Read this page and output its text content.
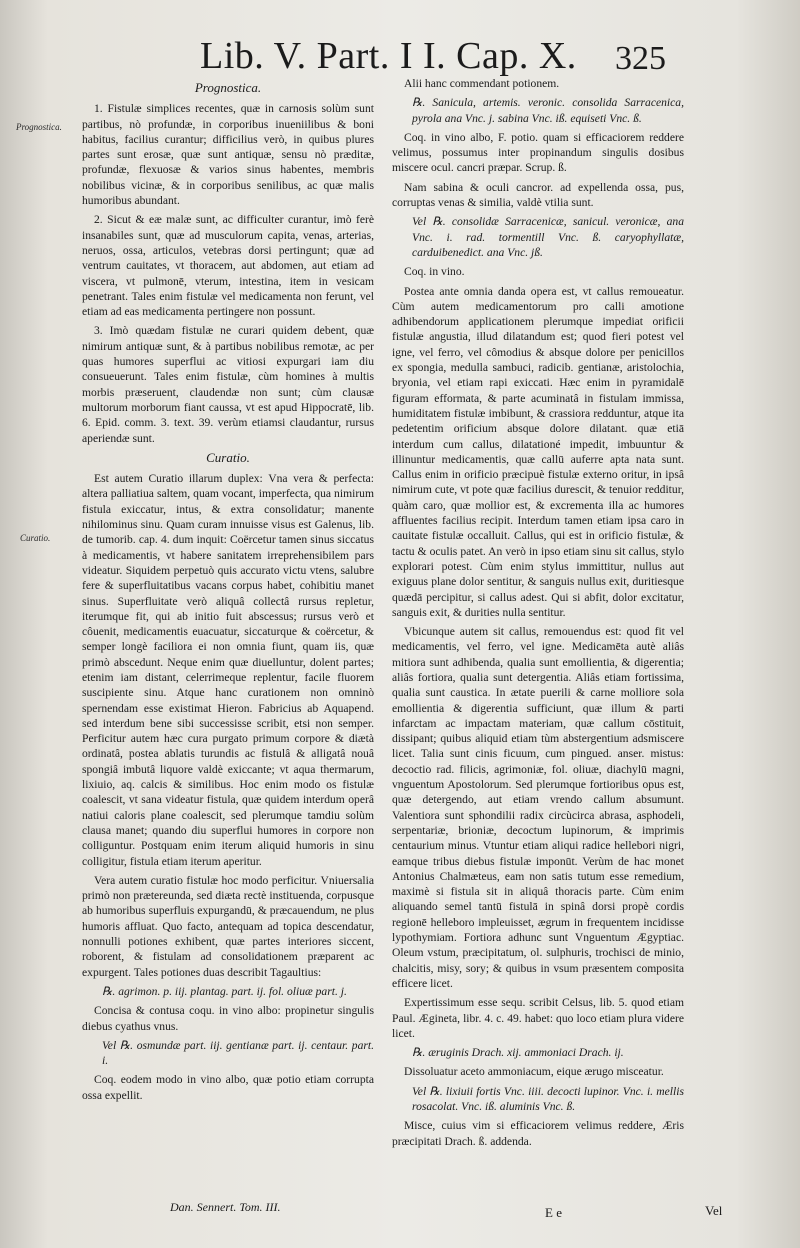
Lib. V. Part. I I. Cap. X.	325
Prognostica.
Curatio.
Prognostica.

1. Fistulæ simplices recentes, quæ in carnosis solùm sunt partibus, nò profundæ, in corporibus inueniilibus & boni habitus, facilius curantur; difficilius verò, in quibus plures partes sunt erosæ, quæ sunt antiquæ, sensu nò præditæ, profundæ, flexuosæ & varios sinus habentes, membris nobilibus vicinæ, & in corporibus senilibus, ac quæ malis humoribus abundant.

2. Sicut & eæ malæ sunt, ac difficulter curantur, imò ferè insanabiles sunt, quæ ad musculorum capita, venas, arterias, neruos, ossa, articulos, vetebras dorsi pertingunt; quæ ad ventrum cauitates, vt thoracem, aut abdomen, aut etiam ad viscera, vt pulmonē, vterum, intestina, item in vesicam penetrant. Tales enim fistulæ vel medicamenta non ferunt, vel etiam ad eas medicamenta pertingere non possunt.

3. Imò quædam fistulæ ne curari quidem debent, quæ nimirum antiquæ sunt, & à partibus nobilibus remotæ, ac per quas humores superflui ac vitiosi expurgari iam diu consueuerunt. Tales enim fistulæ, cùm homines à multis morbis præseruent, claudendæ non sunt; cùm clausæ multorum morborum fiant caussa, vt est apud Hippocratē, lib. 6. Epid. comm. 3. text. 39. verùm etiamsi claudantur, rursus aperiendæ sunt.

Curatio.

Est autem Curatio illarum duplex: Vna vera & perfecta: altera palliatiua saltem, quam vocant, imperfecta, qua nimirum fistula exiccatur, intus, & extra consolidatur; manente nihilominus sinu. Quam curam innuisse visus est Galenus, lib. de tumorib. cap. 4. dum inquit: Coërcetur tamen sinus siccatus à medicamentis, vt habere sanitatem irreprehensibilem pars videatur. Siquidem perpetuò quis accurato victu vtens, salubre fere & superfluitatibus vacans corpus habet, cohibitiu manet sinus. Superfluitate verò aliquâ collectâ rursus repletur, iterumque fit, qui ab initio fuit abscessus; rursus verò et côuenit, medicamentis euacuatur, siccaturque & coërcetur, & semper longè faciliora ei non omnia fiunt, quam iis, quæ primò abscedunt. Neque enim quæ diuelluntur, dolent partes; etenim iam distant, celerrimeque replentur, facile fluorem suscipiente sinu. Atque hanc curationem non omninò spernendam esse existimat Hieron. Fabricius ab Aquapend. sed interdum bene sibi successisse scribit, etsi non semper. Perficitur autem hæc cura purgato primum corpore & diætà ordinatâ, postea ablatis turundis ac fistulâ & alligatâ nouâ spongiâ imbutâ liquore valdè exiccante; vt aqua thermarum, lixiuio, aq. calcis & similibus. Hoc enim modo os fistulæ coalescit, vt sana videatur fistula, quæ quidem interdum operâ natiui caloris plane coalescit, sed plerumque tamdiu solùm clausa manet; quando diu superflui humores in corpore non colliguntur. Postquam enim iterum aliquid humoris in sinu colligitur, fistula etiam iterum aperitur.

Vera autem curatio fistulæ hoc modo perficitur. Vniuersalia primò non prætereunda, sed diæta rectè instituenda, corpusque ab humoribus superfluis expurgandū, & præcauendum, ne plus humoris affluat. Quo facto, antequam ad topica descendatur, nonnulli potiones exhibent, quæ partes interiores siccent, roborent, & fistulam ad consolidationem præparent ac expurgent. Tales potiones duas describit Tagaultius:

℞. agrimon. p. iij. plantag. part. ij. fol. oliuæ part. j.

Concisa & contusa coqu. in vino albo: propinetur singulis diebus cyathus vnus.

Vel ℞. osmundæ part. iij. gentianæ part. ij. centaur. part. i.

Coq. eodem modo in vino albo, quæ potio etiam corrupta ossa expellit.

Alii hanc commendant potionem.

℞. Sanicula, artemis. veronic. consolida Sarracenica, pyrola ana Vnc. j. sabina Vnc. iß. equiseti Vnc. ß.

Coq. in vino albo, F. potio. quam si efficaciorem reddere velimus, possumus inter propinandum singulis dosibus miscere ocul. cancri præpar. Scrup. ß.

Nam sabina & oculi cancror. ad expellenda ossa, pus, corruptas venas & similia, valdè vtilia sunt.

Vel ℞. consolidæ Sarracenicæ, sanicul. veronicæ, ana Vnc. i. rad. tormentill Vnc. ß. caryophyllatæ, carduibenedict. ana Vnc. jß.

Coq. in vino.

Postea ante omnia danda opera est, vt callus remoueatur. Cùm autem medicamentorum pro calli amotione adhibendorum applicationem plerumque impediat orificii fistulæ angustia, illud dilatandum est; quod fieri potest vel igne, vel ferro, vel cômodius & absque dolore per penicillos ex spongia, medulla sambuci, radicib. gentianæ, aristolochia, bryonia, vel etiam rapi exiccati. Hæc enim in pyramidalē figuram efformata, & parte acuminatâ in fistulam immissa, humiditatem fistulæ imbibunt, & crassiora redduntur, atque ita pedetentim orificium absque dolore dilatant. quæ etiā interdum cum callus, dilatationé impedit, imbuuntur & illinuntur medicamentis, quæ callū auferre apta nata sunt. Callus enim in orificio præcipuè fistulæ externo oritur, in ipsâ nimirum cute, vt pote quæ facilius durescit, & tenuior redditur, quàm caro, quæ mollior est, & excrementa illa ac humores affluentes facilius recipit. Interdum tamen etiam ipsa caro in cauitate fistulæ occalluit. Callus, qui est in orificio fistulæ, & tactu & oculis patet. An verò in ipso etiam sinu sit callus, stylo explorari potest. Cùm enim stylus immittitur, nullus aut exiguus plane dolor sentitur, & sanguis nullus exit, duritiesque quædā percipitur, si callus adest. Qui si abfit, dolor excitatur, sanguis exit, & durities nulla sentitur.

Vbicunque autem sit callus, remouendus est: quod fit vel medicamentis, vel ferro, vel igne. Medicamēta autè aliâs mitiora sunt adhibenda, qualia sunt emollientia, & digerentia; aliâs fortiora, qualia sunt detergentia. Aliâs etiam fortissima, qualia sunt caustica. In ætate puerili & carne molliore sola emollientia & digerentia sufficiunt, quæ illum & parti infarctam ac impactam materiam, quæ callum cōstituit, dissipant; quibus aliquid etiam tùm abstergentium adsmiscere licet. Talia sunt cinis ficuum, cum pingued. anser. mistus: decoctio rad. filicis, agrimoniæ, fol. oliuæ, diachylū magni, vnguentum Apostolorum. Sed plerumque fortioribus opus est, quæ detergendo, aut etiam vrendo callum absumunt. Valentiora sunt sphondilii radix circùcirca abrasa, asphodeli, serpentariæ, brioniæ, decoctum lupinorum, & imprimis centaurium minus. Vtuntur etiam aliqui radice hellebori nigri, eamque tribus diebus fistulæ imponūt. Verùm de hac monet Antonius Chalmæteus, eam non satis tutum esse remedium, maximè si fistula sit in aliquâ thoracis parte. Cùm enim aliquando semel tantū fistulā in spinâ dorsi propè cordis regionē helleboro impleuisset, ægrum in frequentem incidisse lypothymiam. Fortiora adhunc sunt Vnguentum Ægyptiac. Oleum vstum, præcipitatum, ol. sulphuris, trochisci de minio, chalcitis, misy, sory; & quibus in vsum præsentem composita efficere licet.

Expertissimum esse sequ. scribit Celsus, lib. 5. quod etiam Paul. Ægineta, libr. 4. c. 49. habet: quo loco etiam plura videre licet.

℞. æruginis Drach. xij. ammoniaci Drach. ij.

Dissoluatur aceto ammoniacum, eique ærugo misceatur.

Vel ℞. lixiuii fortis Vnc. iiii. decocti lupinor. Vnc. i. mellis rosacolat. Vnc. iß. aluminis Vnc. ß.

Misce, cuius vim si efficaciorem velimus reddere, Æris præcipitati Drach. ß. addenda.

Dan. Sennert. Tom. III.	E e	Vel
